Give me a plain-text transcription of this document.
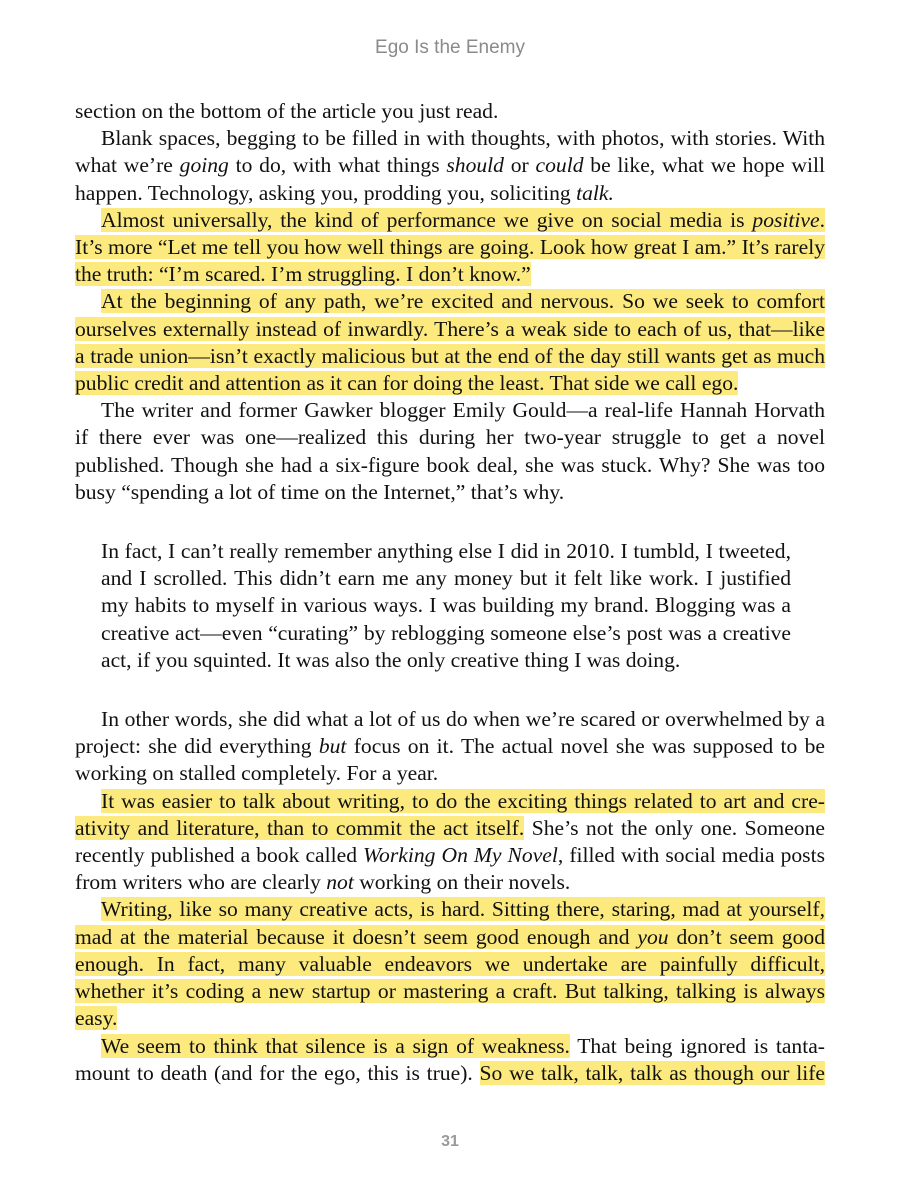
Ego Is the Enemy

section on the bottom of the article you just read.

Blank spaces, begging to be filled in with thoughts, with photos, with stories. With what we’re going to do, with what things should or could be like, what we hope will happen. Technology, asking you, prodding you, soliciting talk.

Almost universally, the kind of performance we give on social media is positive. It’s more “Let me tell you how well things are going. Look how great I am.” It’s rarely the truth: “I’m scared. I’m struggling. I don’t know.”

At the beginning of any path, we’re excited and nervous. So we seek to comfort ourselves externally instead of inwardly. There’s a weak side to each of us, that—like a trade union—isn’t exactly malicious but at the end of the day still wants get as much public credit and attention as it can for doing the least. That side we call ego.

The writer and former Gawker blogger Emily Gould—a real-life Hannah Horvath if there ever was one—realized this during her two-year struggle to get a novel published. Though she had a six-figure book deal, she was stuck. Why? She was too busy “spending a lot of time on the Internet,” that’s why.

In fact, I can’t really remember anything else I did in 2010. I tumbld, I tweeted, and I scrolled. This didn’t earn me any money but it felt like work. I justified my habits to myself in various ways. I was building my brand. Blogging was a creative act—even “curating” by reblogging someone else’s post was a creative act, if you squinted. It was also the only creative thing I was doing.

In other words, she did what a lot of us do when we’re scared or overwhelmed by a project: she did everything but focus on it. The actual novel she was supposed to be working on stalled completely. For a year.

It was easier to talk about writing, to do the exciting things related to art and creativity and literature, than to commit the act itself. She’s not the only one. Someone recently published a book called Working On My Novel, filled with social media posts from writers who are clearly not working on their novels.

Writing, like so many creative acts, is hard. Sitting there, staring, mad at yourself, mad at the material because it doesn’t seem good enough and you don’t seem good enough. In fact, many valuable endeavors we undertake are painfully difficult, whether it’s coding a new startup or mastering a craft. But talking, talking is always easy.

We seem to think that silence is a sign of weakness. That being ignored is tantamount to death (and for the ego, this is true). So we talk, talk, talk as though our life

31
